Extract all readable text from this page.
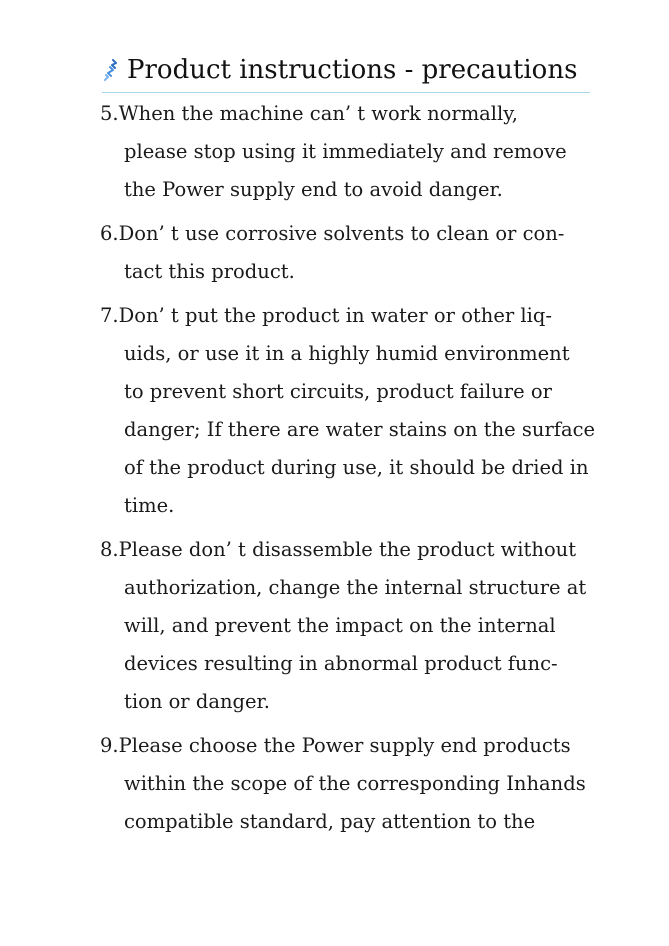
Product instructions - precautions
5.When the machine can’ t work normally,
please stop using it immediately and remove
the Power supply end to avoid danger.
6.Don’ t use corrosive solvents to clean or con-
tact this product.
7.Don’ t put the product in water or other liq-
uids, or use it in a highly humid environment
to prevent short circuits, product failure or
danger; If there are water stains on the surface
of the product during use, it should be dried in
time.
8.Please don’ t disassemble the product without
authorization, change the internal structure at
will, and prevent the impact on the internal
devices resulting in abnormal product func-
tion or danger.
9.Please choose the Power supply end products
within the scope of the corresponding Inhands
compatible standard, pay attention to the
